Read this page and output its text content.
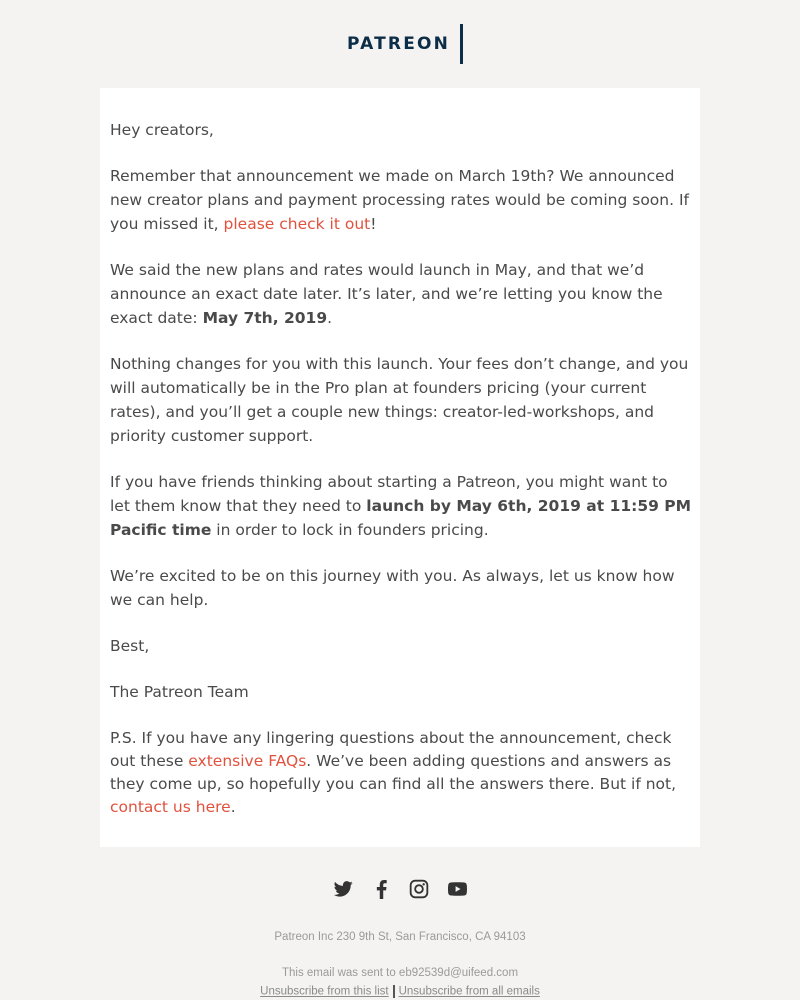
PATREON

Hey creators,

Remember that announcement we made on March 19th? We announced new creator plans and payment processing rates would be coming soon. If you missed it, please check it out!

We said the new plans and rates would launch in May, and that we’d announce an exact date later. It’s later, and we’re letting you know the exact date: May 7th, 2019.

Nothing changes for you with this launch. Your fees don’t change, and you will automatically be in the Pro plan at founders pricing (your current rates), and you’ll get a couple new things: creator-led-workshops, and priority customer support.

If you have friends thinking about starting a Patreon, you might want to let them know that they need to launch by May 6th, 2019 at 11:59 PM Pacific time in order to lock in founders pricing.

We’re excited to be on this journey with you. As always, let us know how we can help.

Best,

The Patreon Team

P.S. If you have any lingering questions about the announcement, check out these extensive FAQs. We’ve been adding questions and answers as they come up, so hopefully you can find all the answers there. But if not, contact us here.

Patreon Inc 230 9th St, San Francisco, CA 94103
This email was sent to eb92539d@uifeed.com
Unsubscribe from this list Unsubscribe from all emails
